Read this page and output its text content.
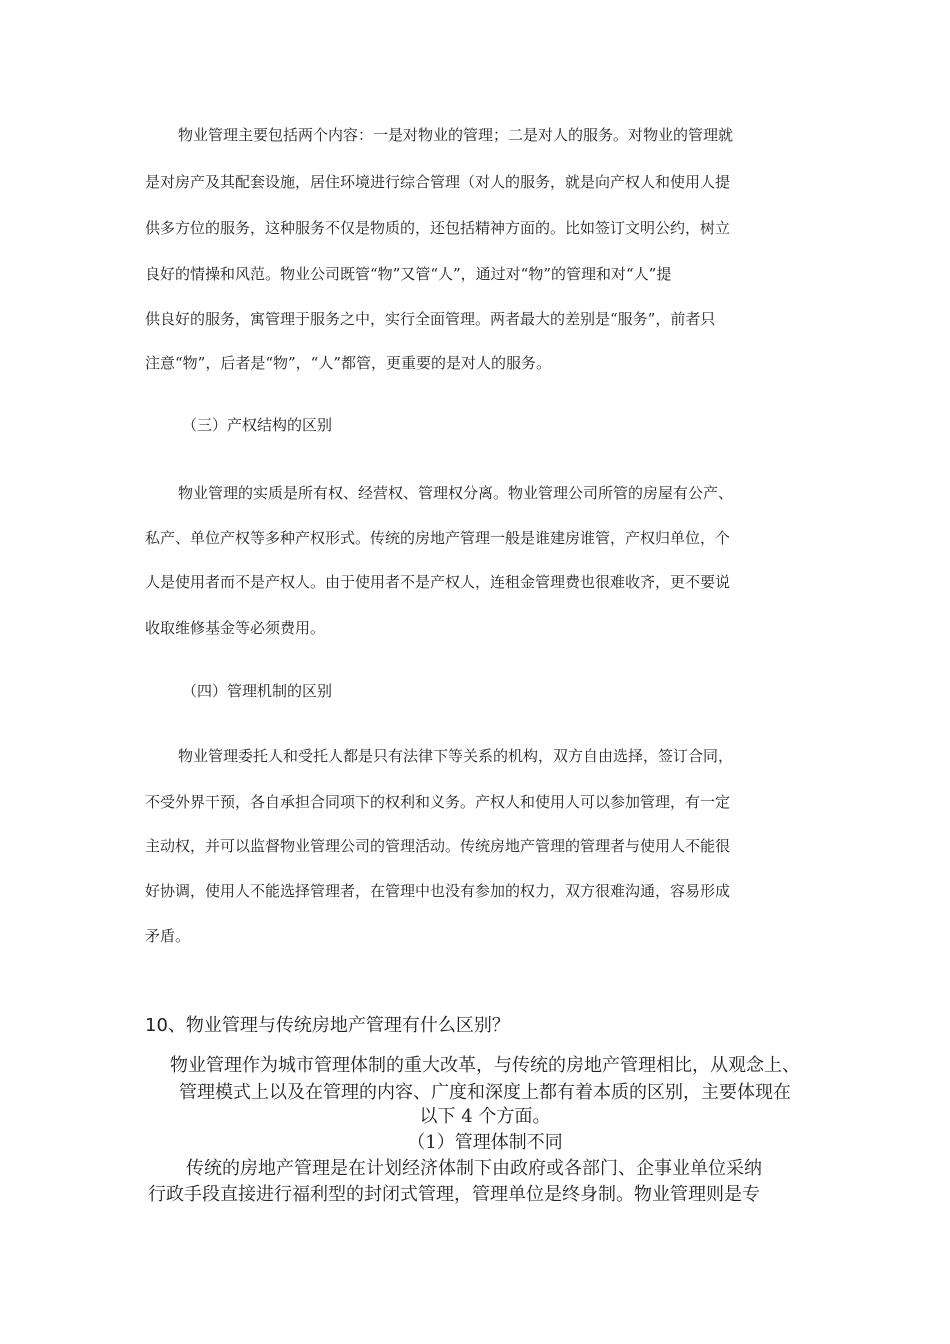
物业管理主要包括两个内容：一是对物业的管理；二是对人的服务。对物业的管理就

是对房产及其配套设施，居住环境进行综合管理（对人的服务，就是向产权人和使用人提

供多方位的服务，这种服务不仅是物质的，还包括精神方面的。比如签订文明公约，树立

良好的情操和风范。物业公司既管“物”又管“人”，通过对“物”的管理和对“人”提

供良好的服务，寓管理于服务之中，实行全面管理。两者最大的差别是“服务”，前者只

注意“物”，后者是“物”，“人”都管，更重要的是对人的服务。

（三）产权结构的区别

物业管理的实质是所有权、经营权、管理权分离。物业管理公司所管的房屋有公产、

私产、单位产权等多种产权形式。传统的房地产管理一般是谁建房谁管，产权归单位，个

人是使用者而不是产权人。由于使用者不是产权人，连租金管理费也很难收齐，更不要说

收取维修基金等必须费用。

（四）管理机制的区别

物业管理委托人和受托人都是只有法律下等关系的机构，双方自由选择，签订合同，

不受外界干预，各自承担合同项下的权利和义务。产权人和使用人可以参加管理，有一定

主动权，并可以监督物业管理公司的管理活动。传统房地产管理的管理者与使用人不能很

好协调，使用人不能选择管理者，在管理中也没有参加的权力，双方很难沟通，容易形成

矛盾。

10、物业管理与传统房地产管理有什么区别？

物业管理作为城市管理体制的重大改革，与传统的房地产管理相比，从观念上、

管理模式上以及在管理的内容、广度和深度上都有着本质的区别，主要体现在

以下 4 个方面。

（1）管理体制不同

传统的房地产管理是在计划经济体制下由政府或各部门、企事业单位采纳

行政手段直接进行福利型的封闭式管理，管理单位是终身制。物业管理则是专
